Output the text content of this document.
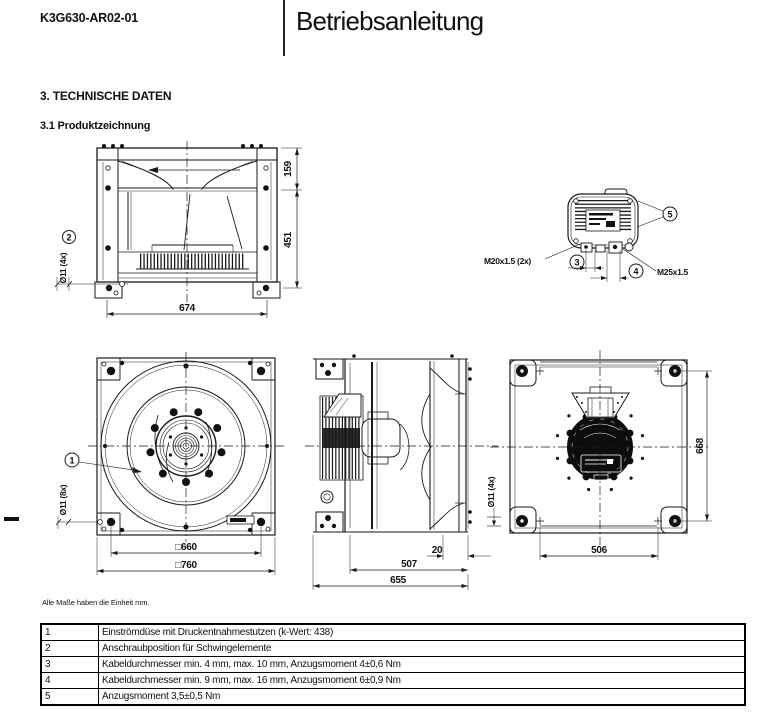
K3G630-AR02-01	Betriebsanleitung
3. TECHNISCHE DATEN
3.1 Produktzeichnung
159
451
674
2
Ø11 (4x)
5
M20x1.5 (2x)	3
4 M25x1.5
1
Ø11 (8x)
□660
□760
20
507
655
Ø11 (4x)
506
668

Alle Maße haben die Einheit mm.

1	Einströmdüse mit Druckentnahmestutzen (k-Wert: 438)
2	Anschraubposition für Schwingelemente
3	Kabeldurchmesser min. 4 mm, max. 10 mm, Anzugsmoment 4±0,6 Nm
4	Kabeldurchmesser min. 9 mm, max. 16 mm, Anzugsmoment 6±0,9 Nm
5	Anzugsmoment 3,5±0,5 Nm
